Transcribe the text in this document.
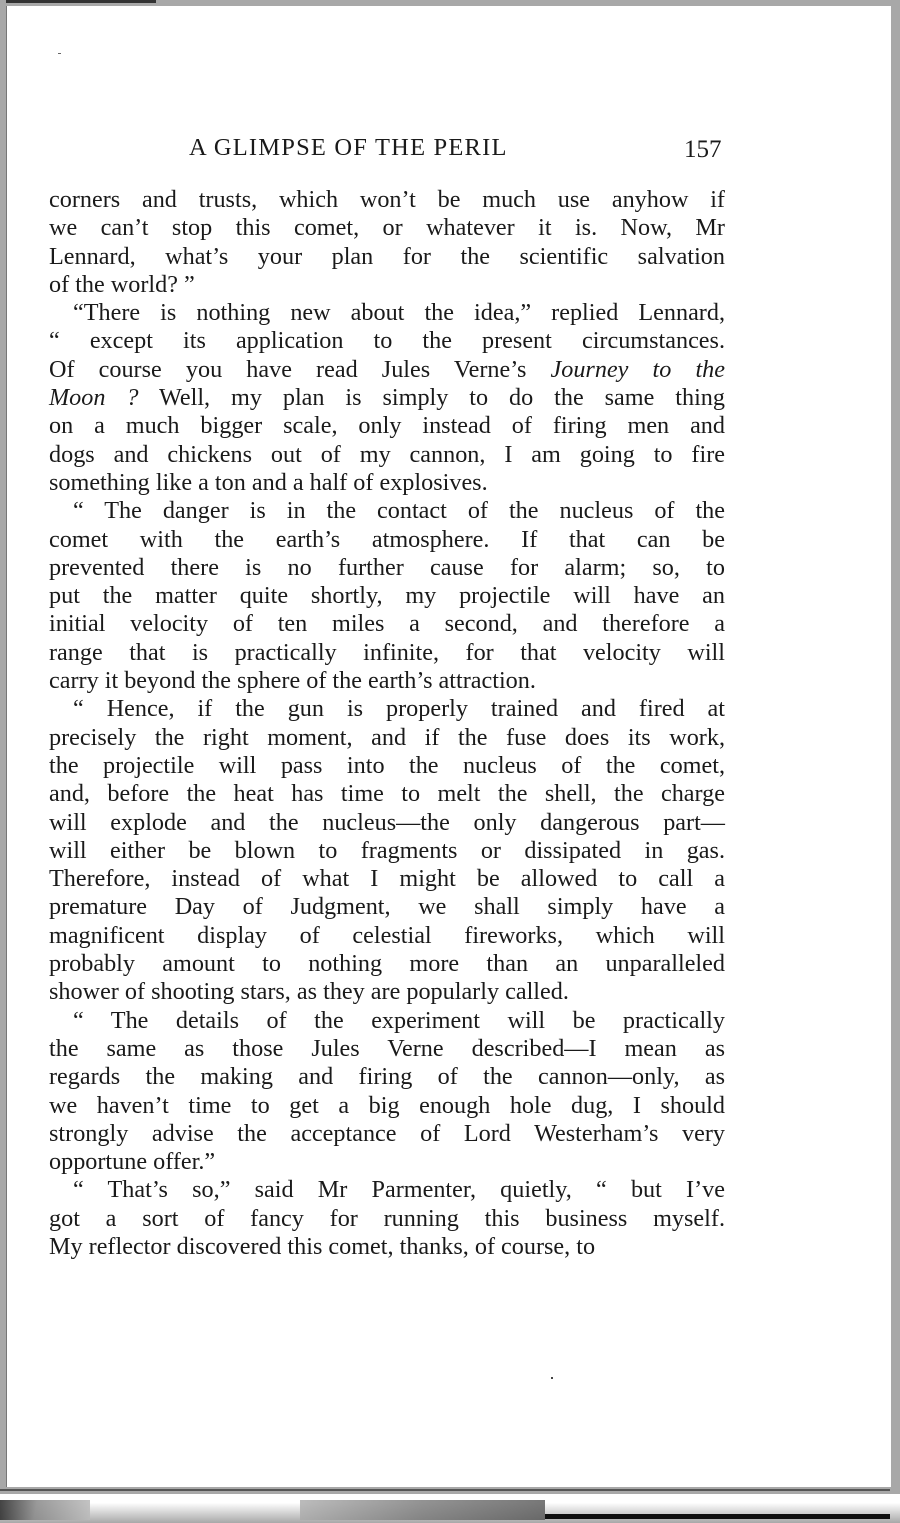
A GLIMPSE OF THE PERIL	157

corners and trusts, which won’t be much use anyhow if
we can’t stop this comet, or whatever it is. Now, Mr
Lennard, what’s your plan for the scientific salvation
of the world? ”

“There is nothing new about the idea,” replied Lennard,
“ except its application to the present circumstances.
Of course you have read Jules Verne’s Journey to the
Moon ? Well, my plan is simply to do the same thing
on a much bigger scale, only instead of firing men and
dogs and chickens out of my cannon, I am going to fire
something like a ton and a half of explosives.

“ The danger is in the contact of the nucleus of the
comet with the earth’s atmosphere. If that can be
prevented there is no further cause for alarm; so, to
put the matter quite shortly, my projectile will have an
initial velocity of ten miles a second, and therefore a
range that is practically infinite, for that velocity will
carry it beyond the sphere of the earth’s attraction.

“ Hence, if the gun is properly trained and fired at
precisely the right moment, and if the fuse does its work,
the projectile will pass into the nucleus of the comet,
and, before the heat has time to melt the shell, the charge
will explode and the nucleus—the only dangerous part—
will either be blown to fragments or dissipated in gas.
Therefore, instead of what I might be allowed to call a
premature Day of Judgment, we shall simply have a
magnificent display of celestial fireworks, which will
probably amount to nothing more than an unparalleled
shower of shooting stars, as they are popularly called.

“ The details of the experiment will be practically
the same as those Jules Verne described—I mean as
regards the making and firing of the cannon—only, as
we haven’t time to get a big enough hole dug, I should
strongly advise the acceptance of Lord Westerham’s very
opportune offer.”

“ That’s so,” said Mr Parmenter, quietly, “ but I’ve
got a sort of fancy for running this business myself.
My reflector discovered this comet, thanks, of course, to
